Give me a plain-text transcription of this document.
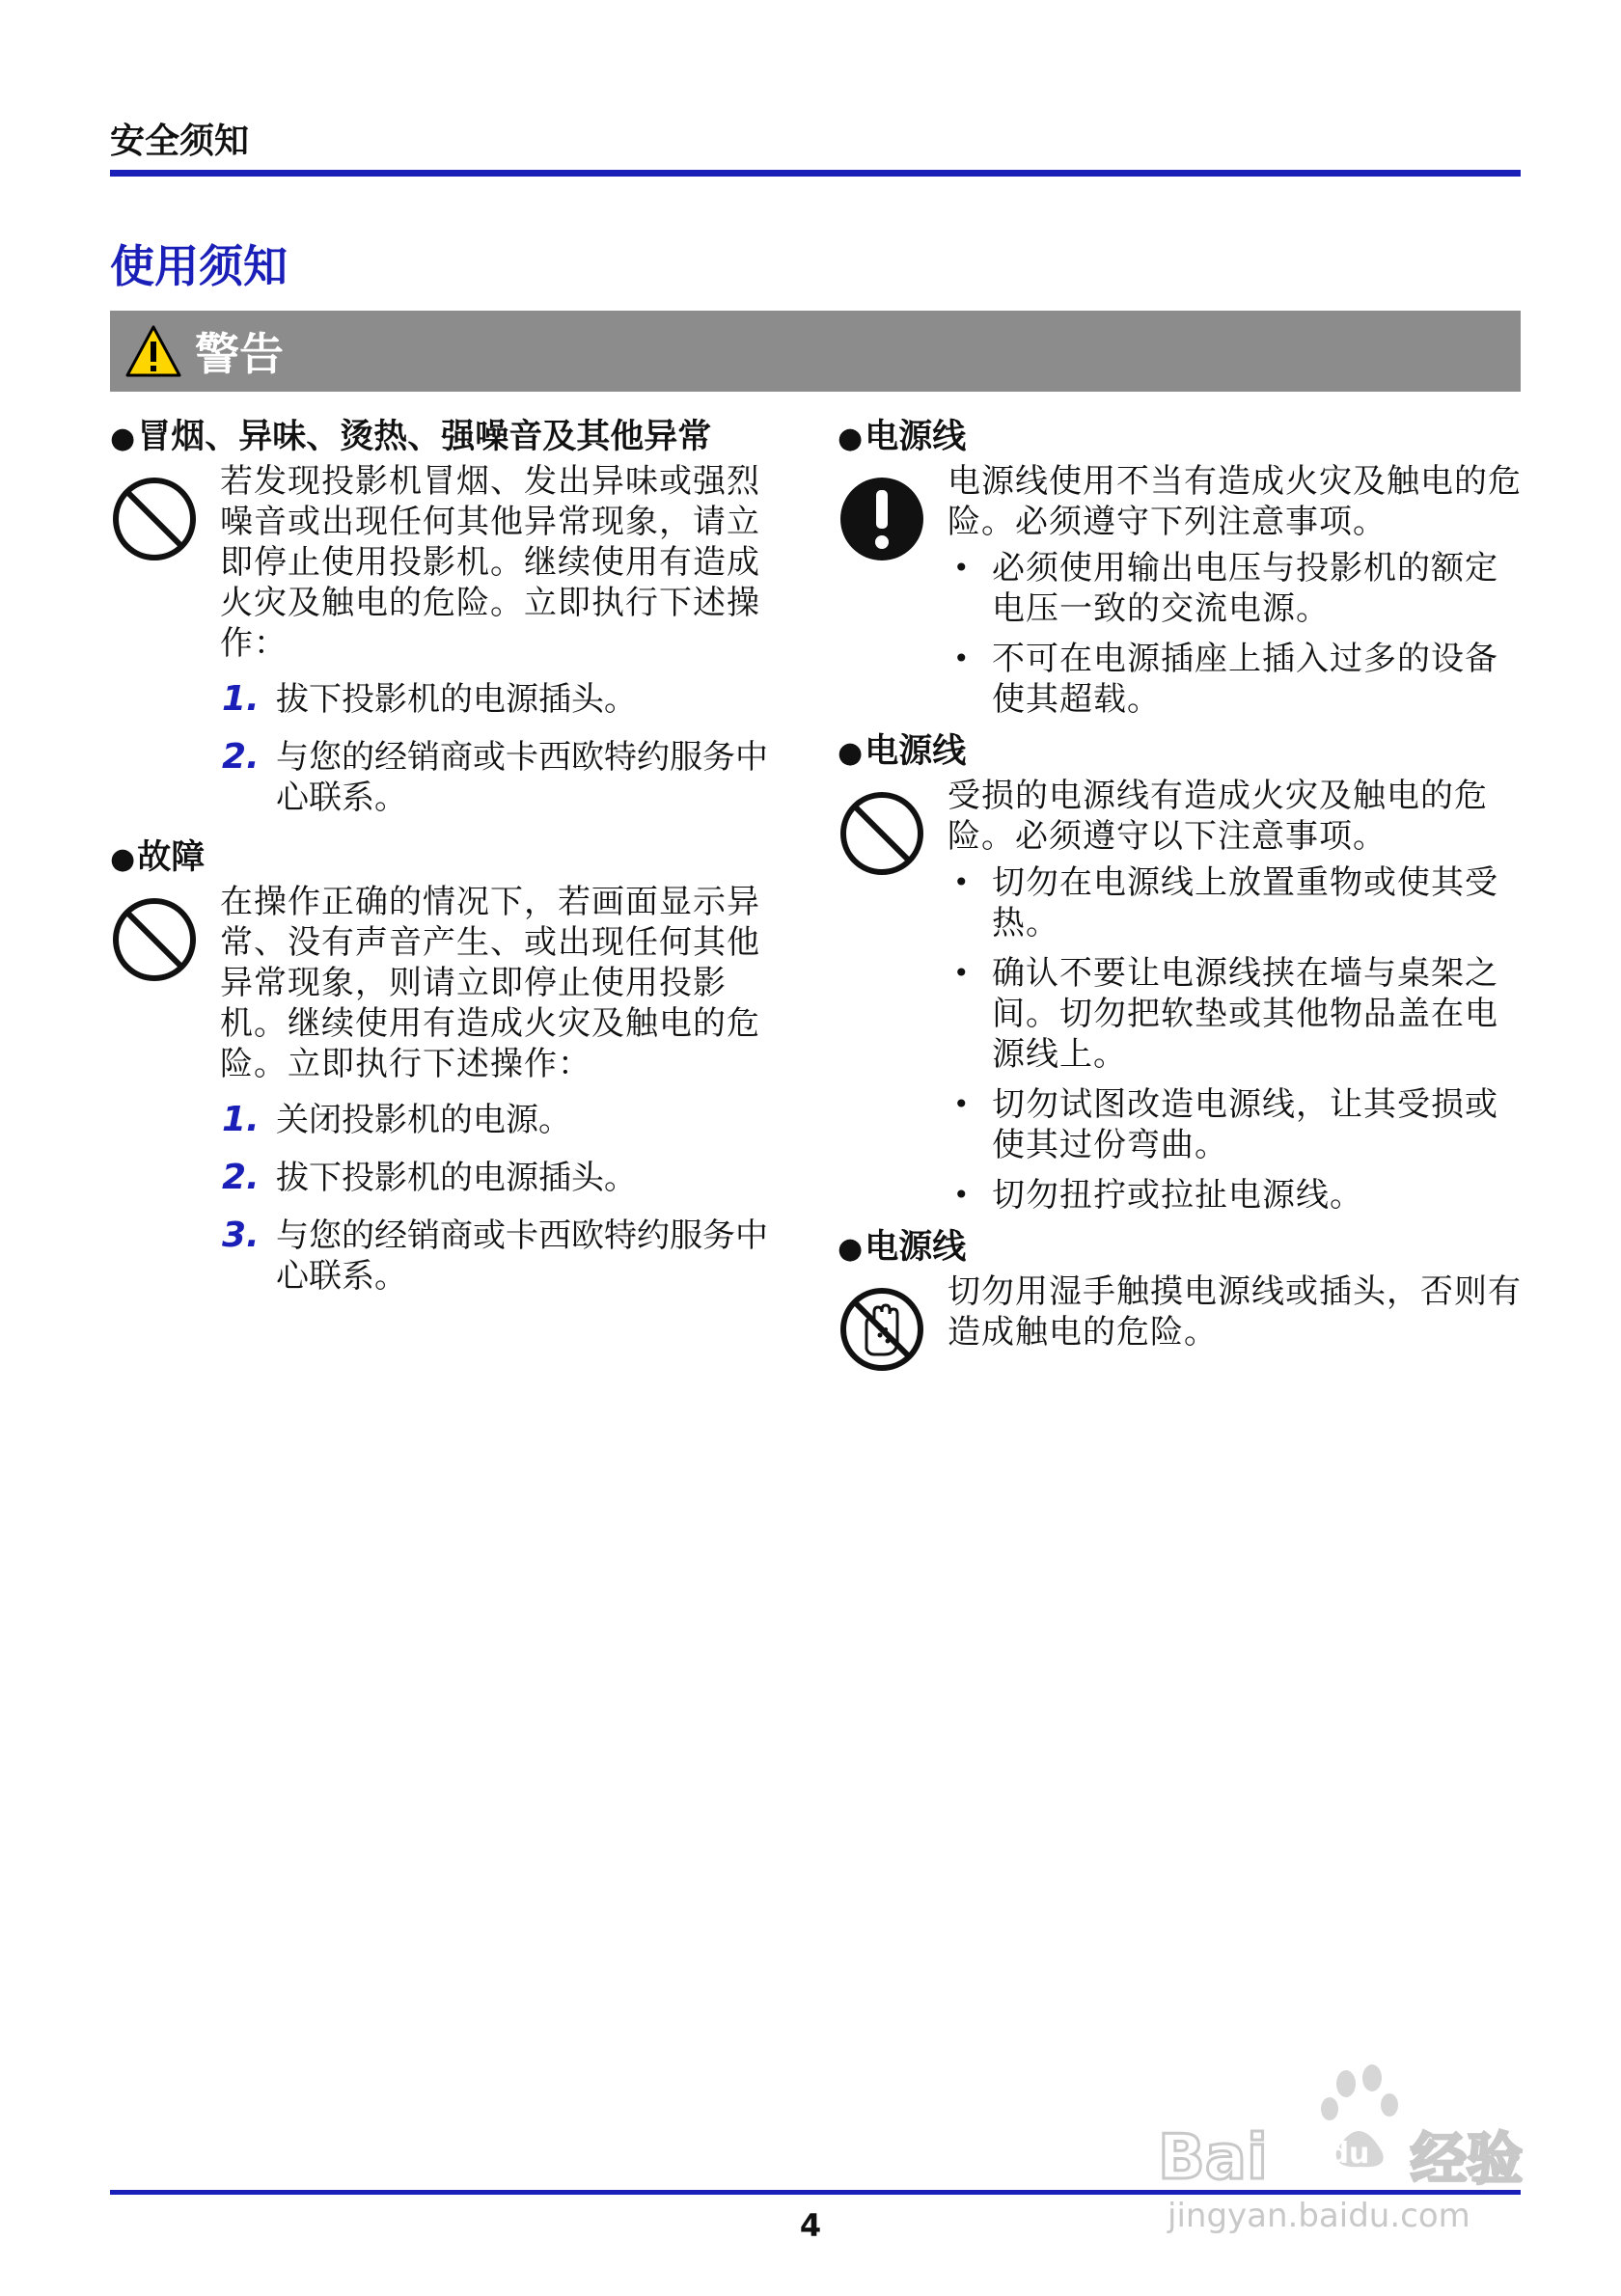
安全须知
使用须知
警告
●冒烟、异味、烫热、强噪音及其他异常
若发现投影机冒烟、发出异味或强烈噪音或出现任何其他异常现象，请立即停止使用投影机。继续使用有造成火灾及触电的危险。立即执行下述操作：
1. 拔下投影机的电源插头。
2. 与您的经销商或卡西欧特约服务中心联系。
●故障
在操作正确的情况下，若画面显示异常、没有声音产生、或出现任何其他异常现象，则请立即停止使用投影机。继续使用有造成火灾及触电的危险。立即执行下述操作：
1. 关闭投影机的电源。
2. 拔下投影机的电源插头。
3. 与您的经销商或卡西欧特约服务中心联系。
●电源线
电源线使用不当有造成火灾及触电的危险。必须遵守下列注意事项。
• 必须使用输出电压与投影机的额定电压一致的交流电源。
• 不可在电源插座上插入过多的设备使其超载。
●电源线
受损的电源线有造成火灾及触电的危险。必须遵守以下注意事项。
• 切勿在电源线上放置重物或使其受热。
• 确认不要让电源线挟在墙与桌架之间。切勿把软垫或其他物品盖在电源线上。
• 切勿试图改造电源线，让其受损或使其过份弯曲。
• 切勿扭拧或拉扯电源线。
●电源线
切勿用湿手触摸电源线或插头，否则有造成触电的危险。
4
Bai du 经验
jingyan.baidu.com
